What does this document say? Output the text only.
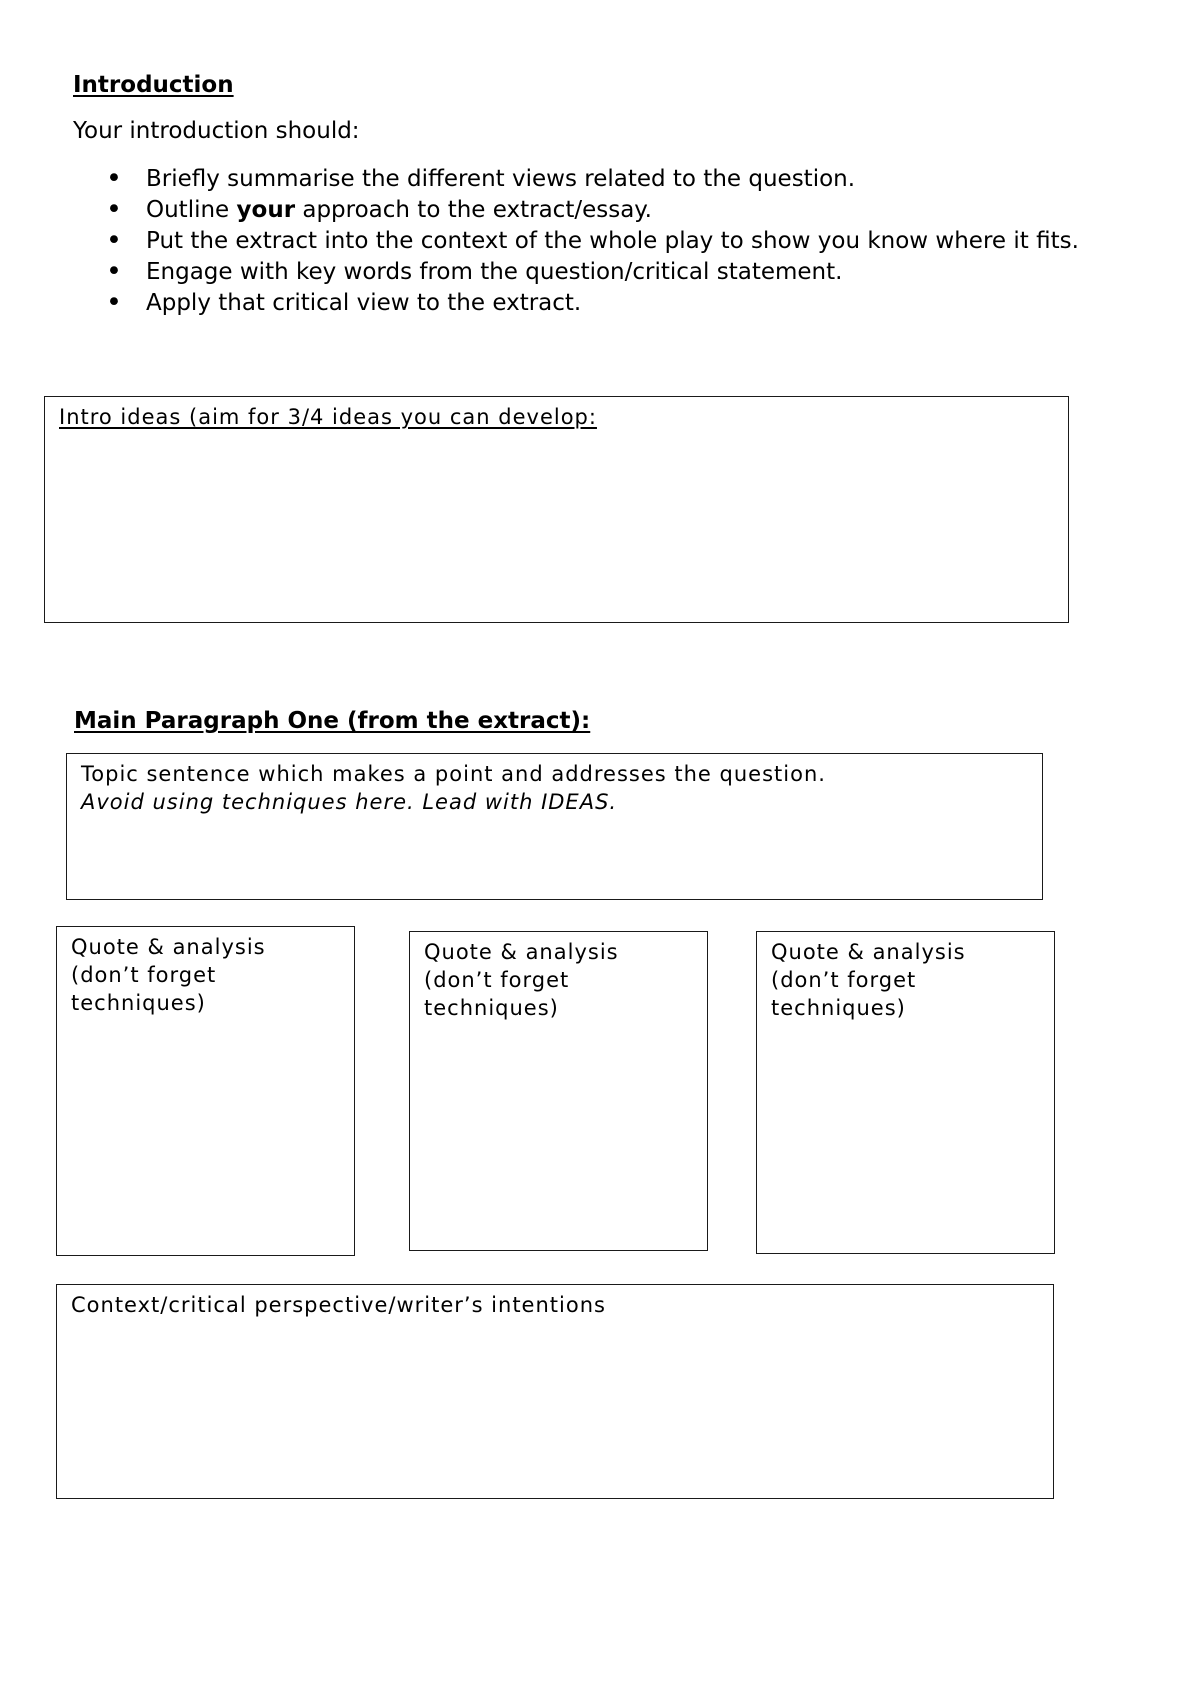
Introduction
Your introduction should:
• Briefly summarise the different views related to the question.
• Outline your approach to the extract/essay.
• Put the extract into the context of the whole play to show you know where it fits.
• Engage with key words from the question/critical statement.
• Apply that critical view to the extract.
Intro ideas (aim for 3/4 ideas you can develop:
Main Paragraph One (from the extract):
Topic sentence which makes a point and addresses the question.
Avoid using techniques here. Lead with IDEAS.
Quote & analysis
(don’t forget
techniques)
Quote & analysis
(don’t forget
techniques)
Quote & analysis
(don’t forget
techniques)
Context/critical perspective/writer’s intentions
